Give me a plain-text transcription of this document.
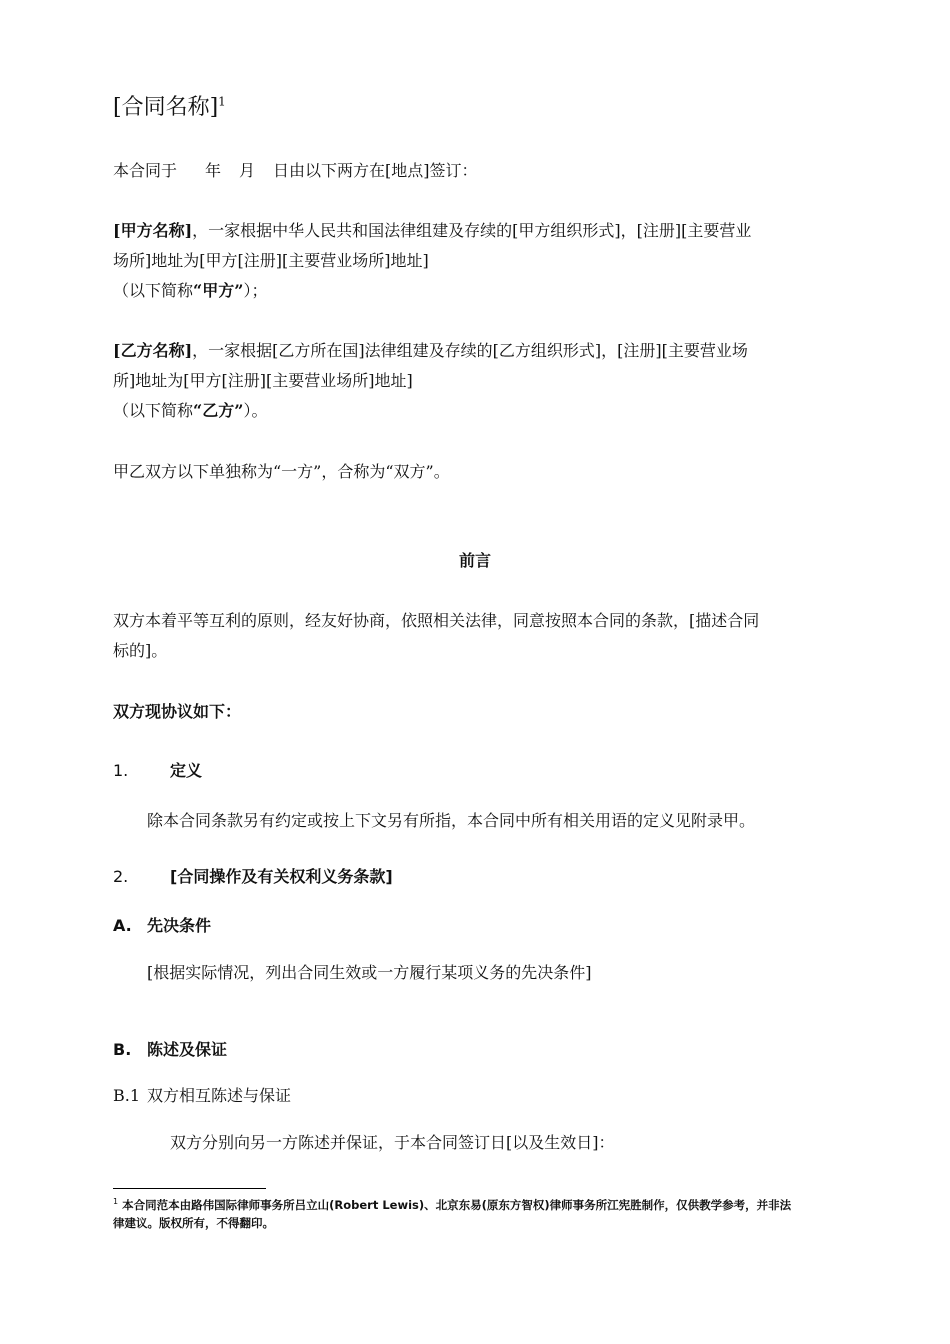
[合同名称]$^1$
本合同于 年 月 日由以下两方在[地点]签订：
[甲方名称]，一家根据中华人民共和国法律组建及存续的[甲方组织形式]，[注册][主要营业
场所]地址为[甲方[注册][主要营业场所]地址]
（以下简称“甲方”）；
[乙方名称]，一家根据[乙方所在国]法律组建及存续的[乙方组织形式]，[注册][主要营业场
所]地址为[甲方[注册][主要营业场所]地址]
（以下简称“乙方”）。
甲乙双方以下单独称为“一方”，合称为“双方”。
前言
双方本着平等互利的原则，经友好协商，依照相关法律，同意按照本合同的条款，[描述合同
标的]。
双方现协议如下：
1.	定义
除本合同条款另有约定或按上下文另有所指，本合同中所有相关用语的定义见附录甲。
2.	[合同操作及有关权利义务条款]
A. 先决条件
[根据实际情况，列出合同生效或一方履行某项义务的先决条件]
B. 陈述及保证
B.1 双方相互陈述与保证
双方分别向另一方陈述并保证，于本合同签订日[以及生效日]：
$^1$ 本合同范本由路伟国际律师事务所吕立山(Robert Lewis)、北京东易(原东方智权)律师事务所江宪胜制作，仅供教学参考，并非法
律建议。版权所有，不得翻印。
